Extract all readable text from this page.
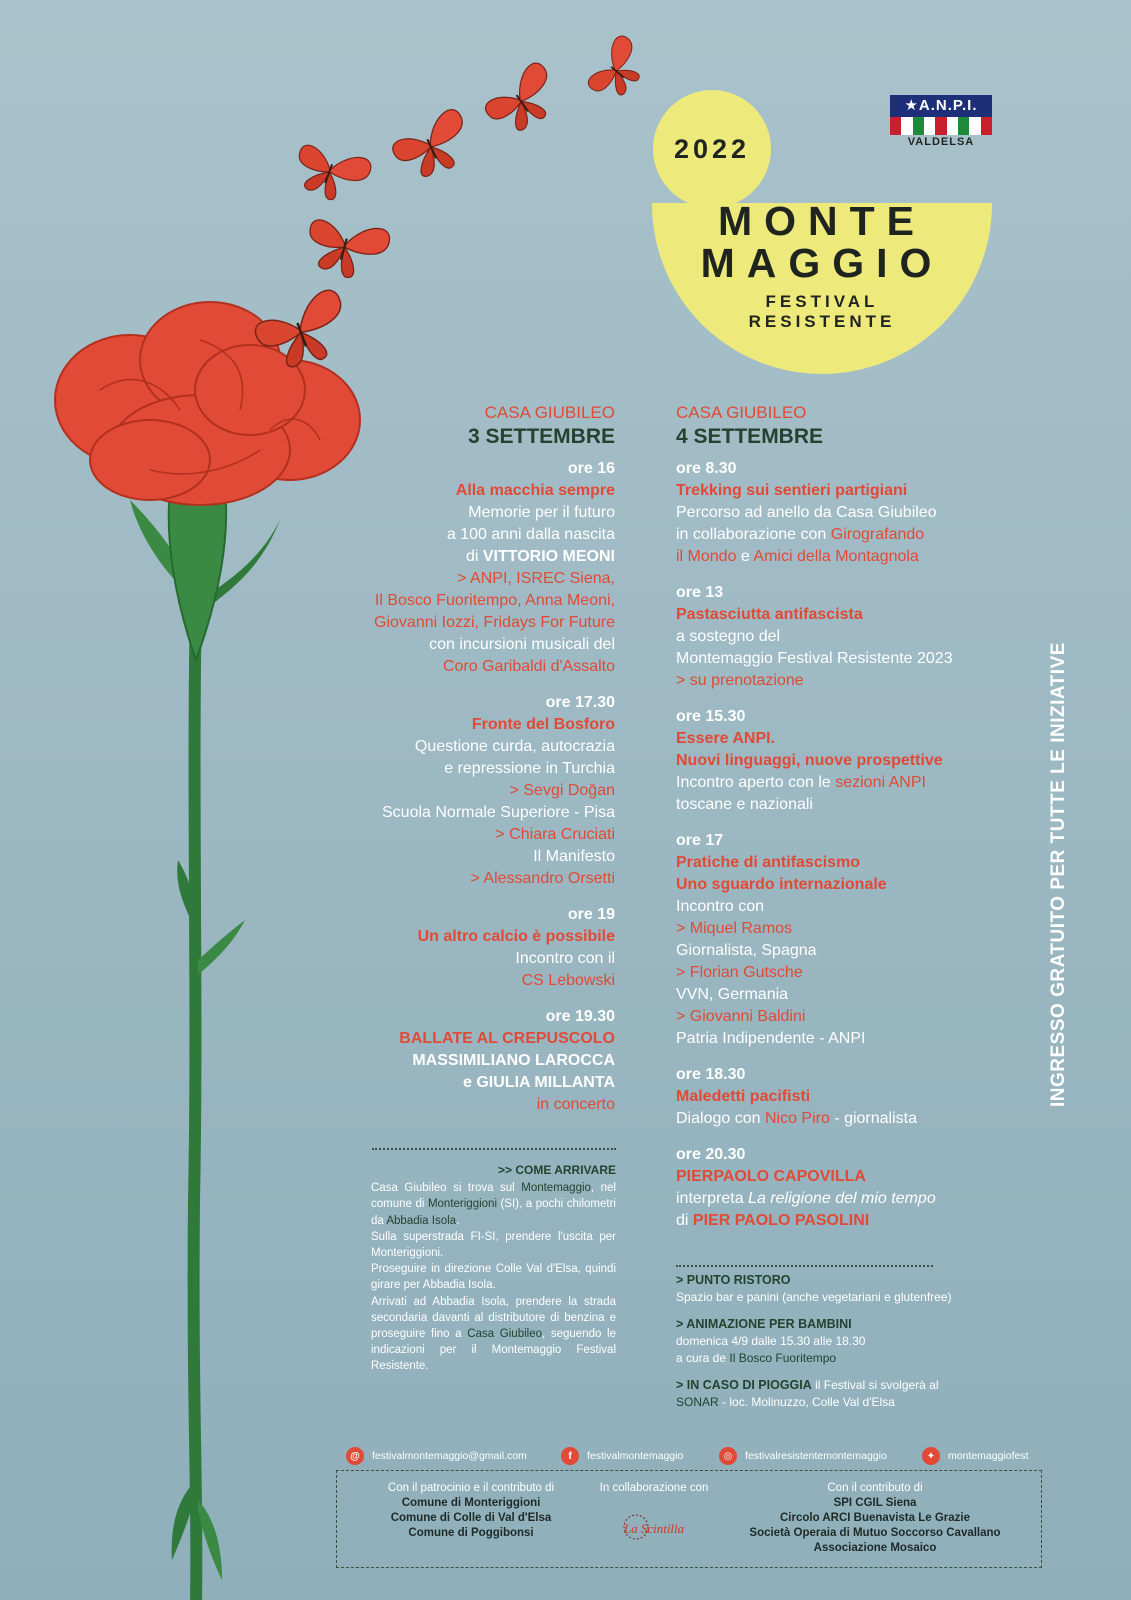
2022
MONTE
MAGGIO
FESTIVAL
RESISTENTE
★A.N.P.I.
VALDELSA
CASA GIUBILEO
3 SETTEMBRE
ore 16
Alla macchia sempre
Memorie per il futuro
a 100 anni dalla nascita
di VITTORIO MEONI
> ANPI, ISREC Siena,
Il Bosco Fuoritempo, Anna Meoni,
Giovanni Iozzi, Fridays For Future
con incursioni musicali del
Coro Garibaldi d'Assalto
ore 17.30
Fronte del Bosforo
Questione curda, autocrazia
e repressione in Turchia
> Sevgi Doğan
Scuola Normale Superiore - Pisa
> Chiara Cruciati
Il Manifesto
> Alessandro Orsetti
ore 19
Un altro calcio è possibile
Incontro con il
CS Lebowski
ore 19.30
BALLATE AL CREPUSCOLO
MASSIMILIANO LAROCCA
e GIULIA MILLANTA
in concerto
>> COME ARRIVARE
Casa Giubileo si trova sul Montemaggio, nel comune di Monteriggioni (SI), a pochi chilometri da Abbadia Isola.
Sulla superstrada FI-SI, prendere l'uscita per Monteriggioni.
Proseguire in direzione Colle Val d'Elsa, quindi girare per Abbadia Isola.
Arrivati ad Abbadia Isola, prendere la strada secondaria davanti al distributore di benzina e proseguire fino a Casa Giubileo, seguendo le indicazioni per il Montemaggio Festival Resistente.
CASA GIUBILEO
4 SETTEMBRE
ore 8.30
Trekking sui sentieri partigiani
Percorso ad anello da Casa Giubileo
in collaborazione con Girografando
il Mondo e Amici della Montagnola
ore 13
Pastasciutta antifascista
a sostegno del
Montemaggio Festival Resistente 2023
> su prenotazione
ore 15.30
Essere ANPI.
Nuovi linguaggi, nuove prospettive
Incontro aperto con le sezioni ANPI
toscane e nazionali
ore 17
Pratiche di antifascismo
Uno sguardo internazionale
Incontro con
> Miquel Ramos
Giornalista, Spagna
> Florian Gutsche
VVN, Germania
> Giovanni Baldini
Patria Indipendente - ANPI
ore 18.30
Maledetti pacifisti
Dialogo con Nico Piro - giornalista
ore 20.30
PIERPAOLO CAPOVILLA
interpreta La religione del mio tempo
di PIER PAOLO PASOLINI
> PUNTO RISTORO
Spazio bar e panini (anche vegetariani e glutenfree)
> ANIMAZIONE PER BAMBINI
domenica 4/9 dalle 15.30 alle 18.30
a cura de Il Bosco Fuoritempo
> IN CASO DI PIOGGIA il Festival si svolgerà al
SONAR - loc. Molinuzzo, Colle Val d'Elsa
INGRESSO GRATUITO PER TUTTE LE INIZIATIVE
@	festivalmontemaggio@gmail.com	f	festivalmontemaggio	◎	festivalresistentemontemaggio	✦	montemaggiofest
Con il patrocinio e il contributo di
Comune di Monteriggioni
Comune di Colle di Val d'Elsa
Comune di Poggibonsi
In collaborazione con
La Scintilla
Con il contributo di
SPI CGIL Siena
Circolo ARCI Buenavista Le Grazie
Società Operaia di Mutuo Soccorso Cavallano
Associazione Mosaico
